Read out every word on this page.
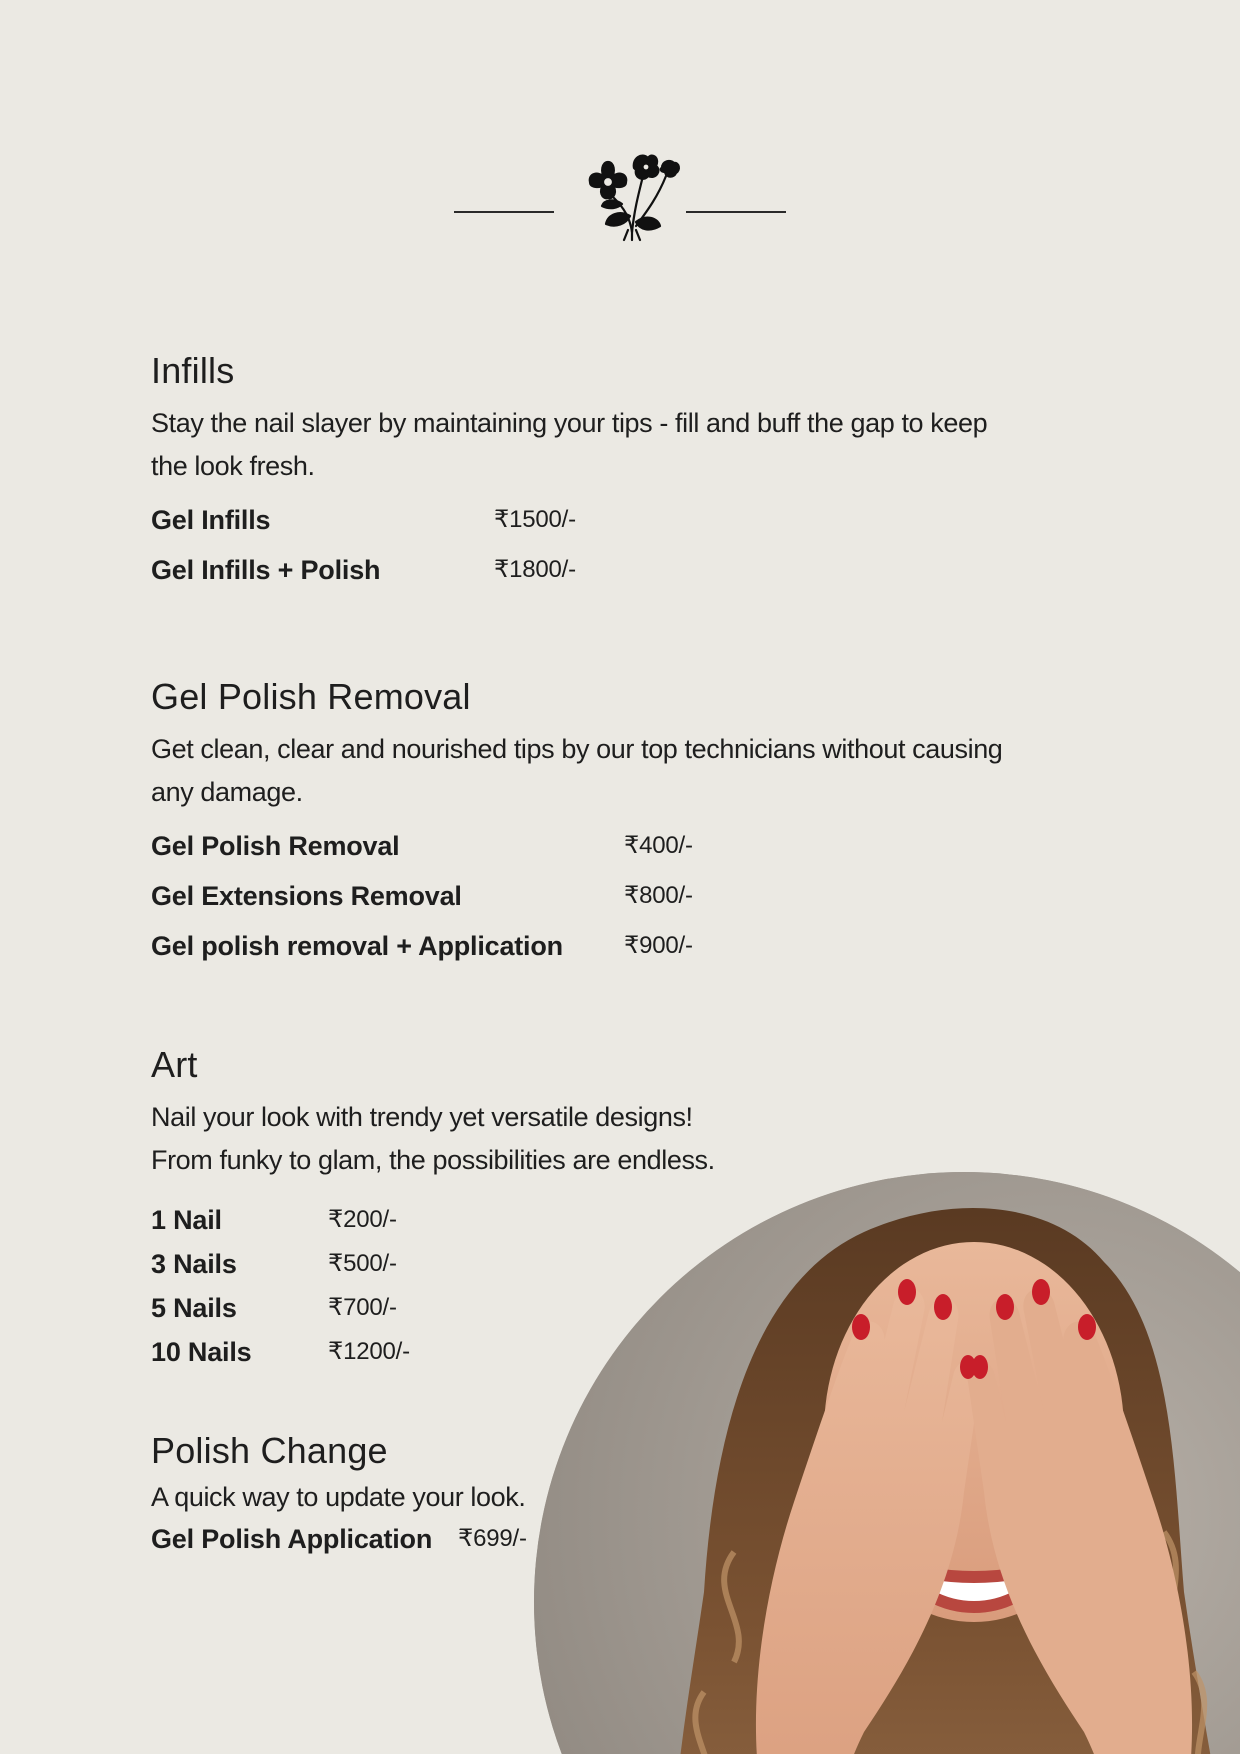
Infills

Stay the nail slayer by maintaining your tips - fill and buff the gap to keep
the look fresh.

Gel Infills	₹1500/-
Gel Infills + Polish	₹1800/-
Gel Polish Removal

Get clean, clear and nourished tips by our top technicians without causing
any damage.

Gel Polish Removal	₹400/-
Gel Extensions Removal	₹800/-
Gel polish removal + Application	₹900/-
Art

Nail your look with trendy yet versatile designs!
From funky to glam, the possibilities are endless.

1 Nail	₹200/-
3 Nails	₹500/-
5 Nails	₹700/-
10 Nails	₹1200/-
Polish Change

A quick way to update your look.

Gel Polish Application	₹699/-
